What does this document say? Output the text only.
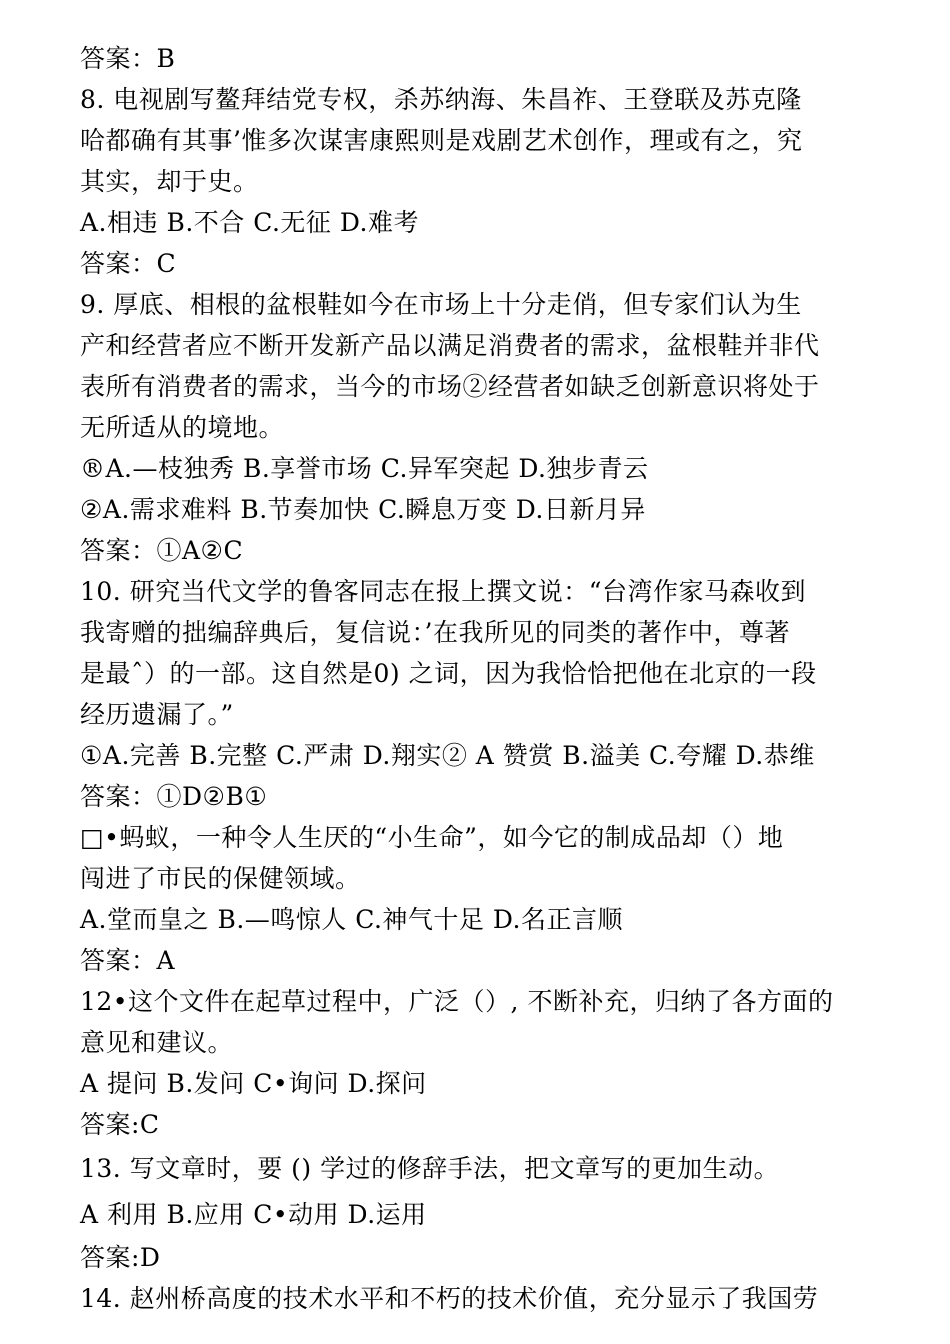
答案：B
8. 电视剧写鳌拜结党专权，杀苏纳海、朱昌祚、王登联及苏克隆
哈都确有其事’惟多次谋害康熙则是戏剧艺术创作，理或有之，究
其实，却于史。
A.相违 B.不合 C.无征 D.难考
答案：C
9. 厚底、相根的盆根鞋如今在市场上十分走俏，但专家们认为生
产和经营者应不断开发新产品以满足消费者的需求，盆根鞋并非代
表所有消费者的需求，当今的市场②经营者如缺乏创新意识将处于
无所适从的境地。
®A.—枝独秀 B.享誉市场 C.异军突起 D.独步青云
②A.需求难料 B.节奏加快 C.瞬息万变 D.日新月异
答案：①A②C
10. 研究当代文学的鲁客同志在报上撰文说：“台湾作家马森收到
我寄赠的拙编辞典后，复信说：’在我所见的同类的著作中，尊著
是最ˆ）的一部。这自然是0) 之词，因为我恰恰把他在北京的一段
经历遗漏了。”
①A.完善 B.完整 C.严肃 D.翔实② A 赞赏 B.溢美 C.夸耀 D.恭维
答案：①D②B①
□•蚂蚁，一种令人生厌的“小生命”，如今它的制成品却（）地
闯进了市民的保健领域。
A.堂而皇之 B.—鸣惊人 C.神气十足 D.名正言顺
答案：A
12•这个文件在起草过程中，广泛（）, 不断补充，归纳了各方面的
意见和建议。
A 提问 B.发问 C•询问 D.探问
答案:C
13. 写文章时，要 () 学过的修辞手法，把文章写的更加生动。
A 利用 B.应用 C•动用 D.运用
答案:D
14. 赵州桥高度的技术水平和不朽的技术价值，充分显示了我国劳
